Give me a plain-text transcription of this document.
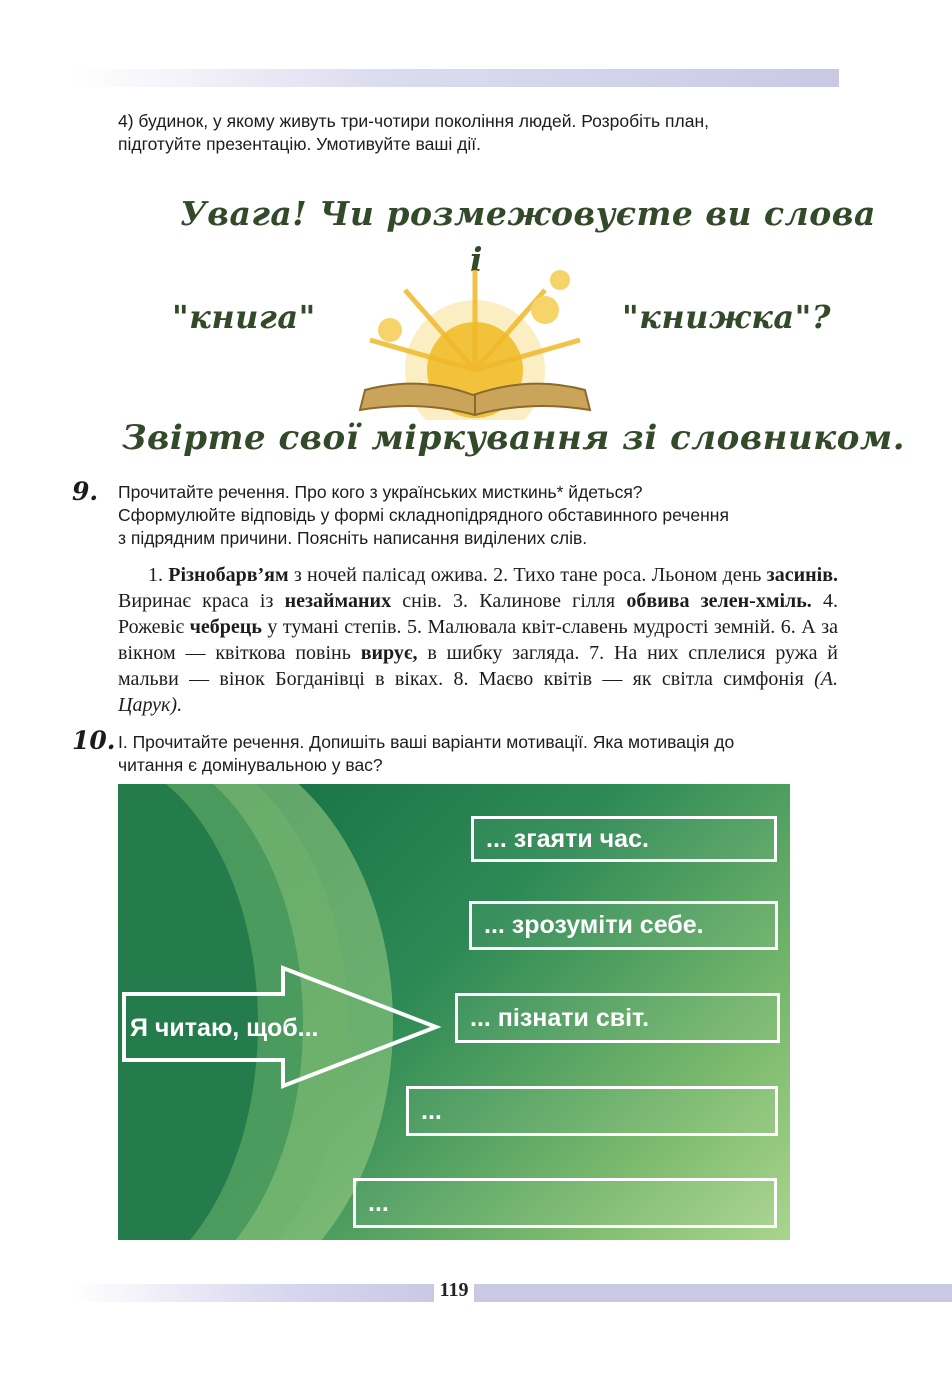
4) будинок, у якому живуть три-чотири покоління людей. Розробіть план,
підготуйте презентацію. Умотивуйте ваші дії.
Увага! Чи розмежовуєте ви слова
і
"книга"	"книжка"?
Звірте свої міркування зі словником.
9. Прочитайте речення. Про кого з українських мисткинь* йдеться?
Сформулюйте відповідь у формі складнопідрядного обставинного речення
з підрядним причини. Поясніть написання виділених слів.
1. Різнобарв’ям з ночей палісад ожива. 2. Тихо тане роса. Льоном день засинів. Виринає краса із незайманих снів. 3. Калинове гілля обвива зелен-хміль. 4. Рожевіє чебрець у тумані степів. 5. Малювала квіт-славень мудрості земній. 6. А за вікном — квіткова повінь вирує, в шибку загляда. 7. На них сплелися ружа й мальви — вінок Богданівці в віках. 8. Маєво квітів — як світла симфонія (А. Царук).
10. І. Прочитайте речення. Допишіть ваші варіанти мотивації. Яка мотивація до
читання є домінувальною у вас?
Я читаю, щоб...
... згаяти час.
... зрозуміти себе.
... пізнати світ.
...
...
119
